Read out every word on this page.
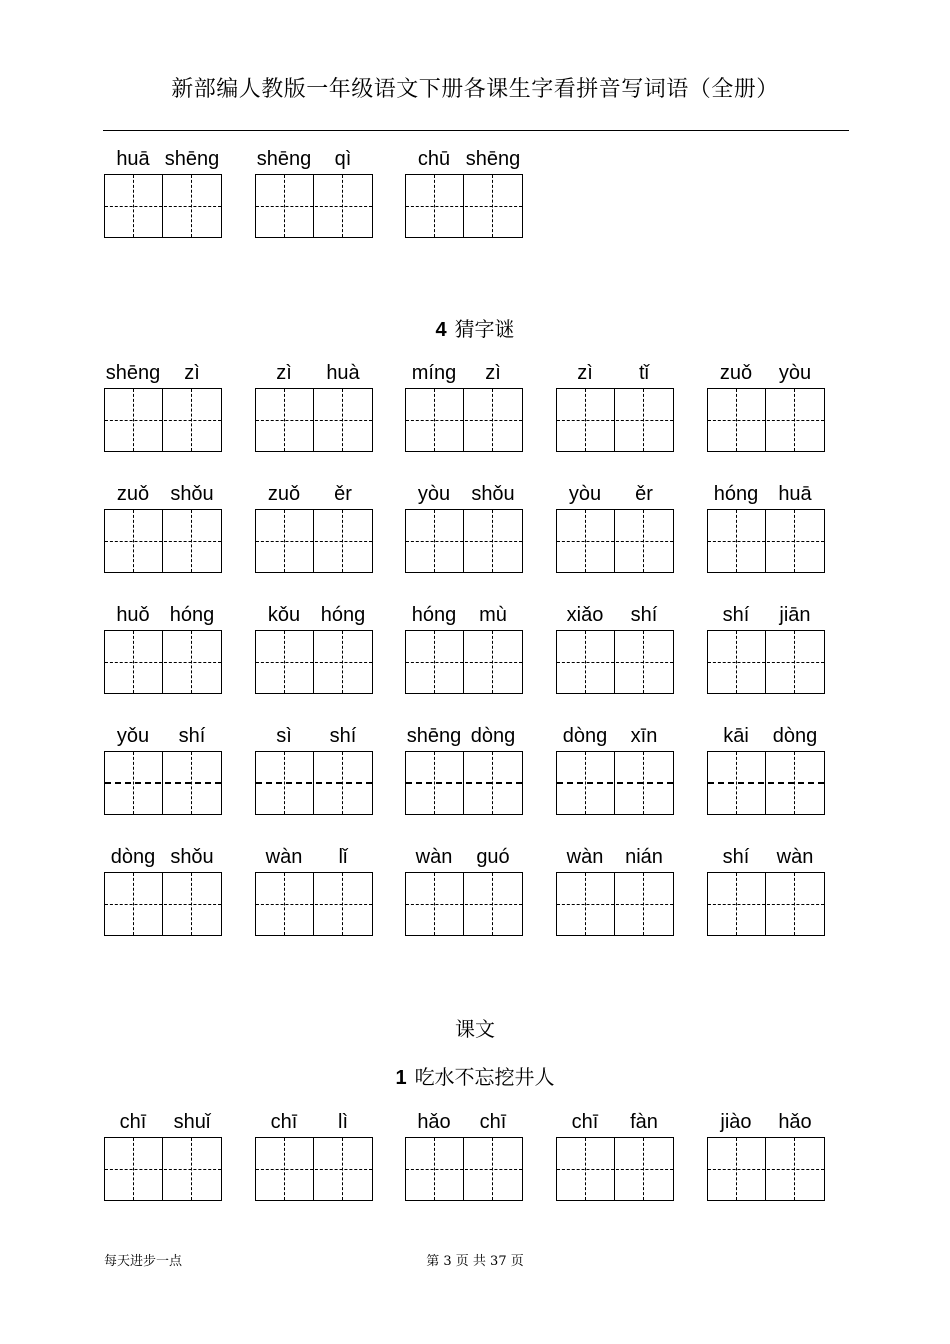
新部编人教版一年级语文下册各课生字看拼音写词语（全册）
huā shēng	shēng qì	chū shēng
4 猜字谜
shēng zì	zì huà	míng zì	zì tǐ	zuǒ yòu
zuǒ shǒu	zuǒ ěr	yòu shǒu	yòu ěr	hóng huā
huǒ hóng	kǒu hóng	hóng mù	xiǎo shí	shí jiān
yǒu shí	sì shí	shēng dòng	dòng xīn	kāi dòng
dòng shǒu	wàn lǐ	wàn guó	wàn nián	shí wàn
课文
1 吃水不忘挖井人
chī shuǐ	chī lì	hǎo chī	chī fàn	jiào hǎo
每天进步一点	第 3 页 共 37 页
